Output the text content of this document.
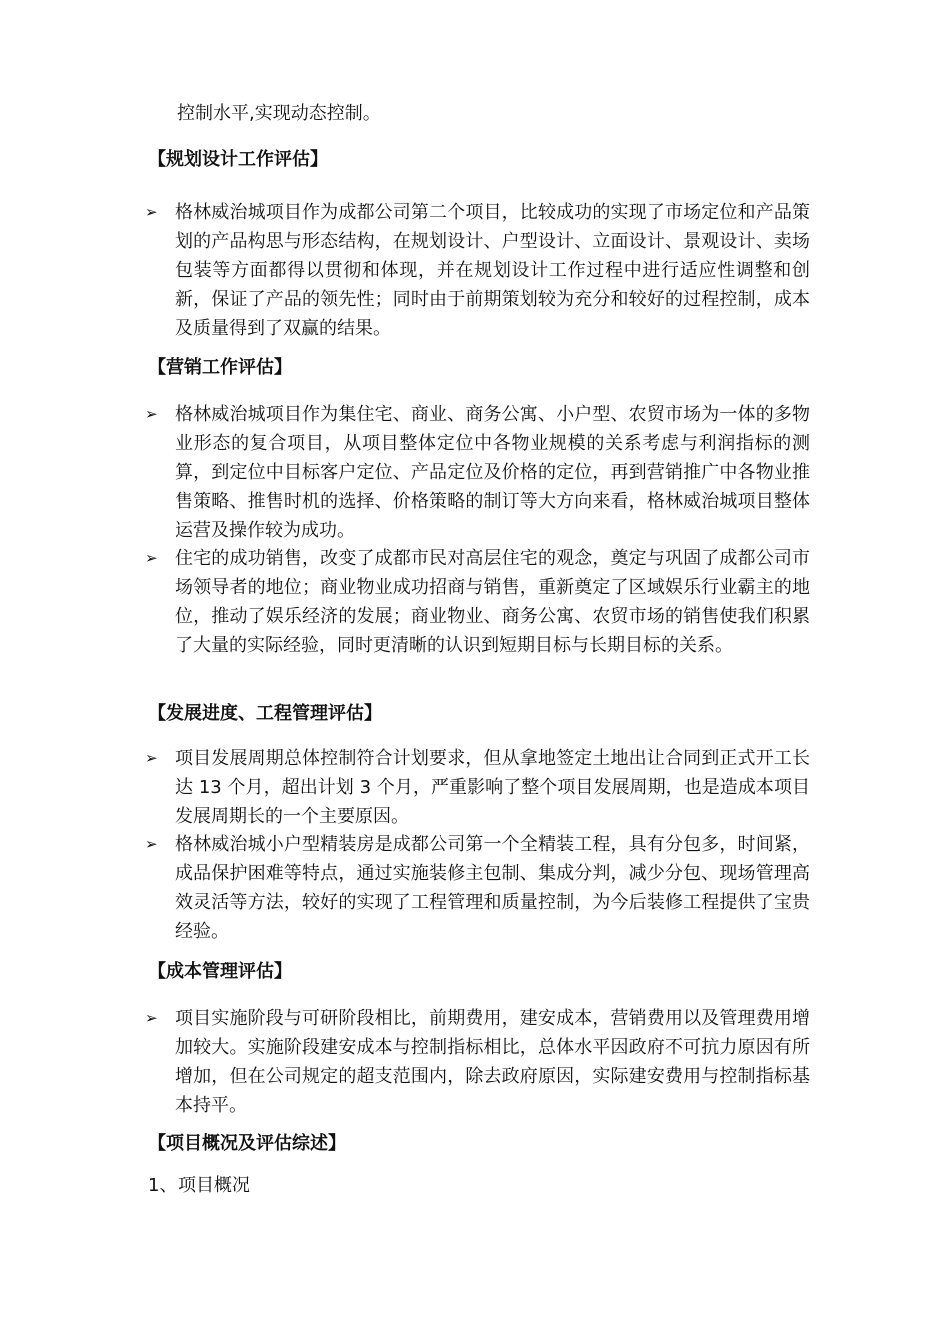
控制水平,实现动态控制。
【规划设计工作评估】
➢ 格林威治城项目作为成都公司第二个项目，比较成功的实现了市场定位和产品策划的产品构思与形态结构，在规划设计、户型设计、立面设计、景观设计、卖场包装等方面都得以贯彻和体现，并在规划设计工作过程中进行适应性调整和创新，保证了产品的领先性；同时由于前期策划较为充分和较好的过程控制，成本及质量得到了双赢的结果。
【营销工作评估】
➢ 格林威治城项目作为集住宅、商业、商务公寓、小户型、农贸市场为一体的多物业形态的复合项目，从项目整体定位中各物业规模的关系考虑与利润指标的测算，到定位中目标客户定位、产品定位及价格的定位，再到营销推广中各物业推售策略、推售时机的选择、价格策略的制订等大方向来看，格林威治城项目整体运营及操作较为成功。
➢ 住宅的成功销售，改变了成都市民对高层住宅的观念，奠定与巩固了成都公司市场领导者的地位；商业物业成功招商与销售，重新奠定了区域娱乐行业霸主的地位，推动了娱乐经济的发展；商业物业、商务公寓、农贸市场的销售使我们积累了大量的实际经验，同时更清晰的认识到短期目标与长期目标的关系。
【发展进度、工程管理评估】
➢ 项目发展周期总体控制符合计划要求，但从拿地签定土地出让合同到正式开工长达 13 个月，超出计划 3 个月，严重影响了整个项目发展周期，也是造成本项目发展周期长的一个主要原因。
➢ 格林威治城小户型精装房是成都公司第一个全精装工程，具有分包多，时间紧，成品保护困难等特点，通过实施装修主包制、集成分判，减少分包、现场管理高效灵活等方法，较好的实现了工程管理和质量控制，为今后装修工程提供了宝贵经验。
【成本管理评估】
➢ 项目实施阶段与可研阶段相比，前期费用，建安成本，营销费用以及管理费用增加较大。实施阶段建安成本与控制指标相比，总体水平因政府不可抗力原因有所增加，但在公司规定的超支范围内，除去政府原因，实际建安费用与控制指标基本持平。
【项目概况及评估综述】
1、项目概况
